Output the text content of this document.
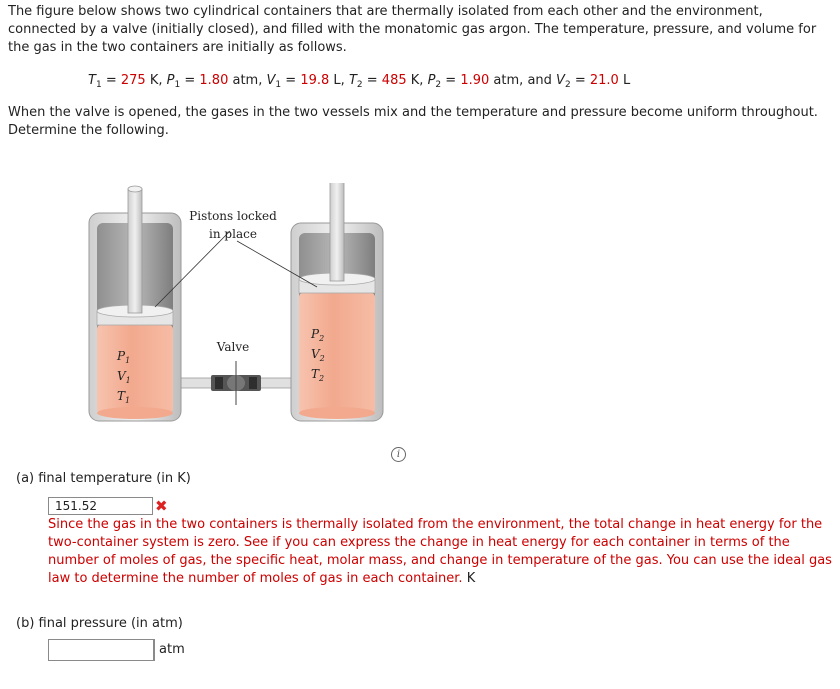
The figure below shows two cylindrical containers that are thermally isolated from each other and the environment, connected by a valve (initially closed), and filled with the monatomic gas argon. The temperature, pressure, and volume for the gas in the two containers are initially as follows.
$T_1 = 275$ K, $P_1 = 1.80$ atm, $V_1 = 19.8$ L, $T_2 = 485$ K, $P_2 = 1.90$ atm, and $V_2 = 21.0$ L
When the valve is opened, the gases in the two vessels mix and the temperature and pressure become uniform throughout. Determine the following.
Pistons locked
in place
Valve
$P_1$
$V_1$
$T_1$
$P_2$
$V_2$
$T_2$
i
(a) final temperature (in K)
151.52	✖
Since the gas in the two containers is thermally isolated from the environment, the total change in heat energy for the two-container system is zero. See if you can express the change in heat energy for each container in terms of the number of moles of gas, the specific heat, molar mass, and change in temperature of the gas. You can use the ideal gas law to determine the number of moles of gas in each container. K
(b) final pressure (in atm)
atm
